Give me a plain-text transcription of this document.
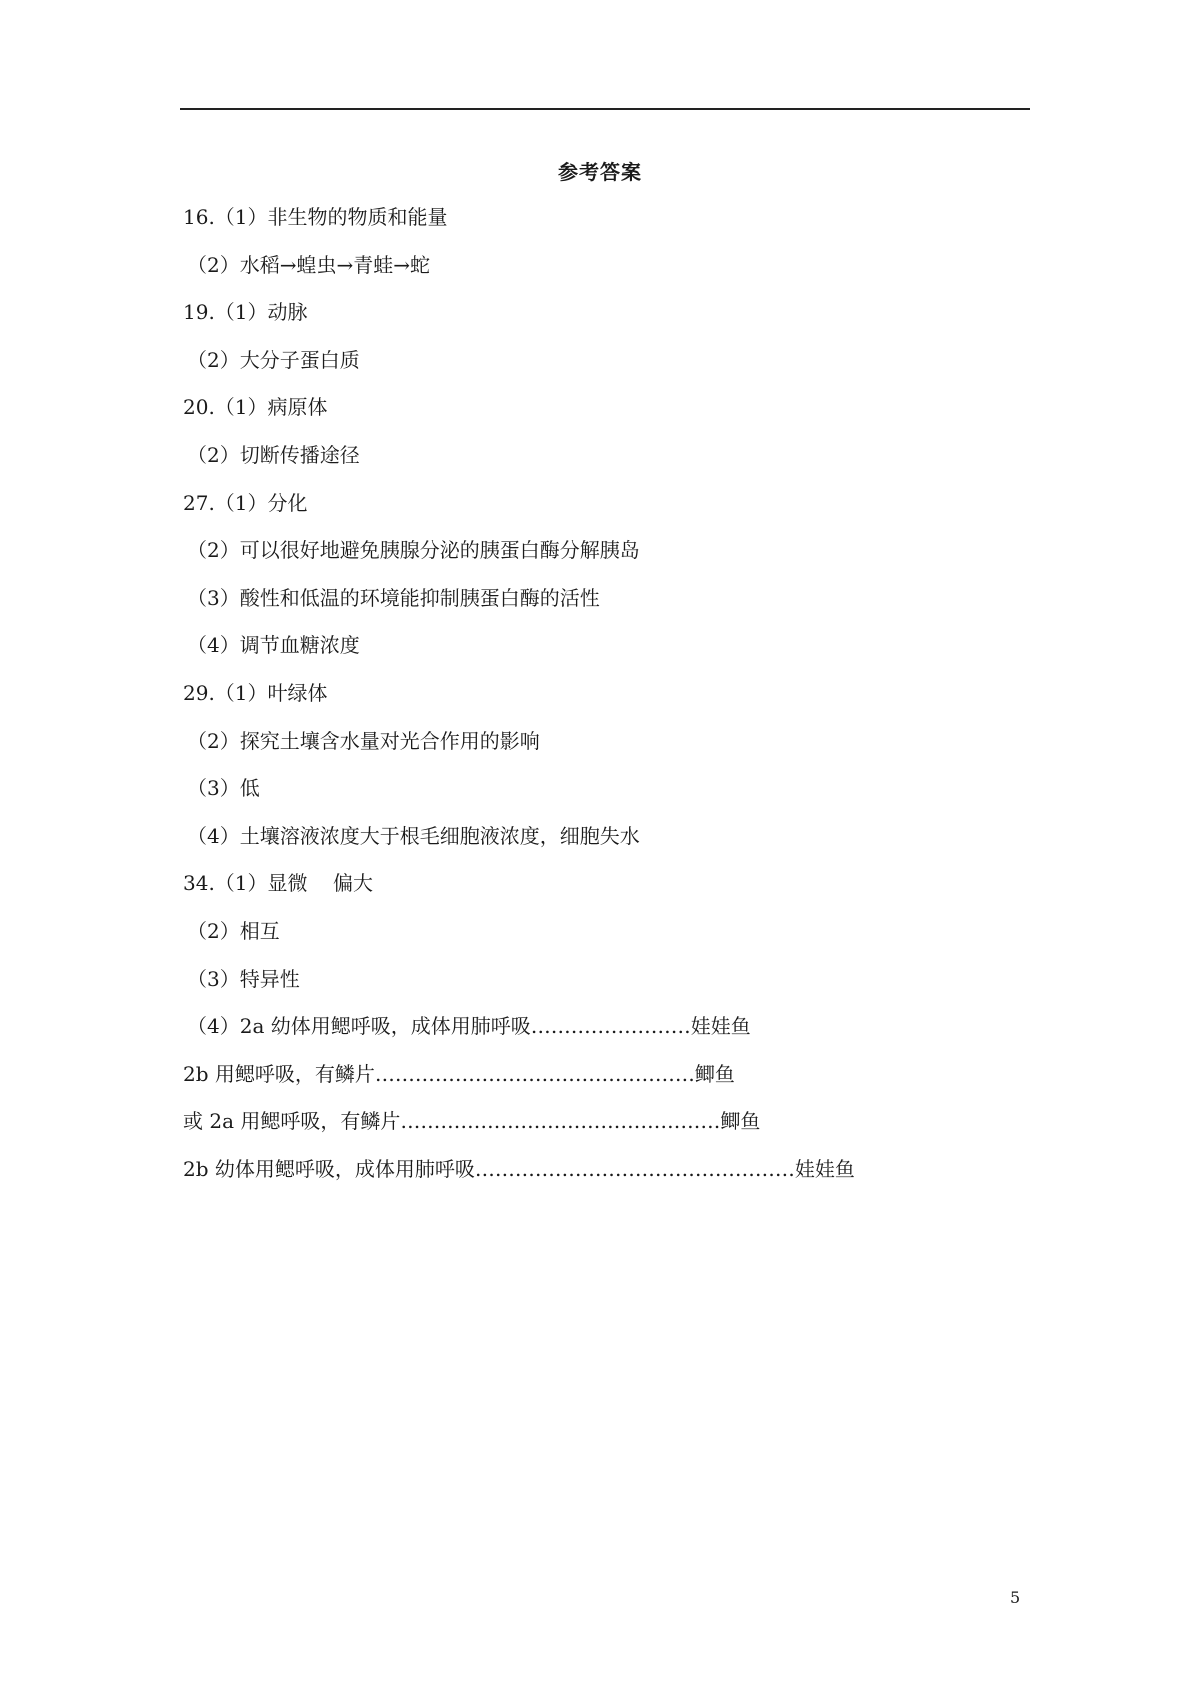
参考答案
16.（1）非生物的物质和能量
（2）水稻→蝗虫→青蛙→蛇
19.（1）动脉
（2）大分子蛋白质
20.（1）病原体
（2）切断传播途径
27.（1）分化
（2）可以很好地避免胰腺分泌的胰蛋白酶分解胰岛
（3）酸性和低温的环境能抑制胰蛋白酶的活性
（4）调节血糖浓度
29.（1）叶绿体
（2）探究土壤含水量对光合作用的影响
（3）低
（4）土壤溶液浓度大于根毛细胞液浓度，细胞失水
34.（1）显微    偏大
（2）相互
（3）特异性
（4）2a 幼体用鳃呼吸，成体用肺呼吸……………………娃娃鱼
2b 用鳃呼吸，有鳞片…………………………………………鲫鱼
或 2a 用鳃呼吸，有鳞片…………………………………………鲫鱼
2b 幼体用鳃呼吸，成体用肺呼吸…………………………………………娃娃鱼
5
